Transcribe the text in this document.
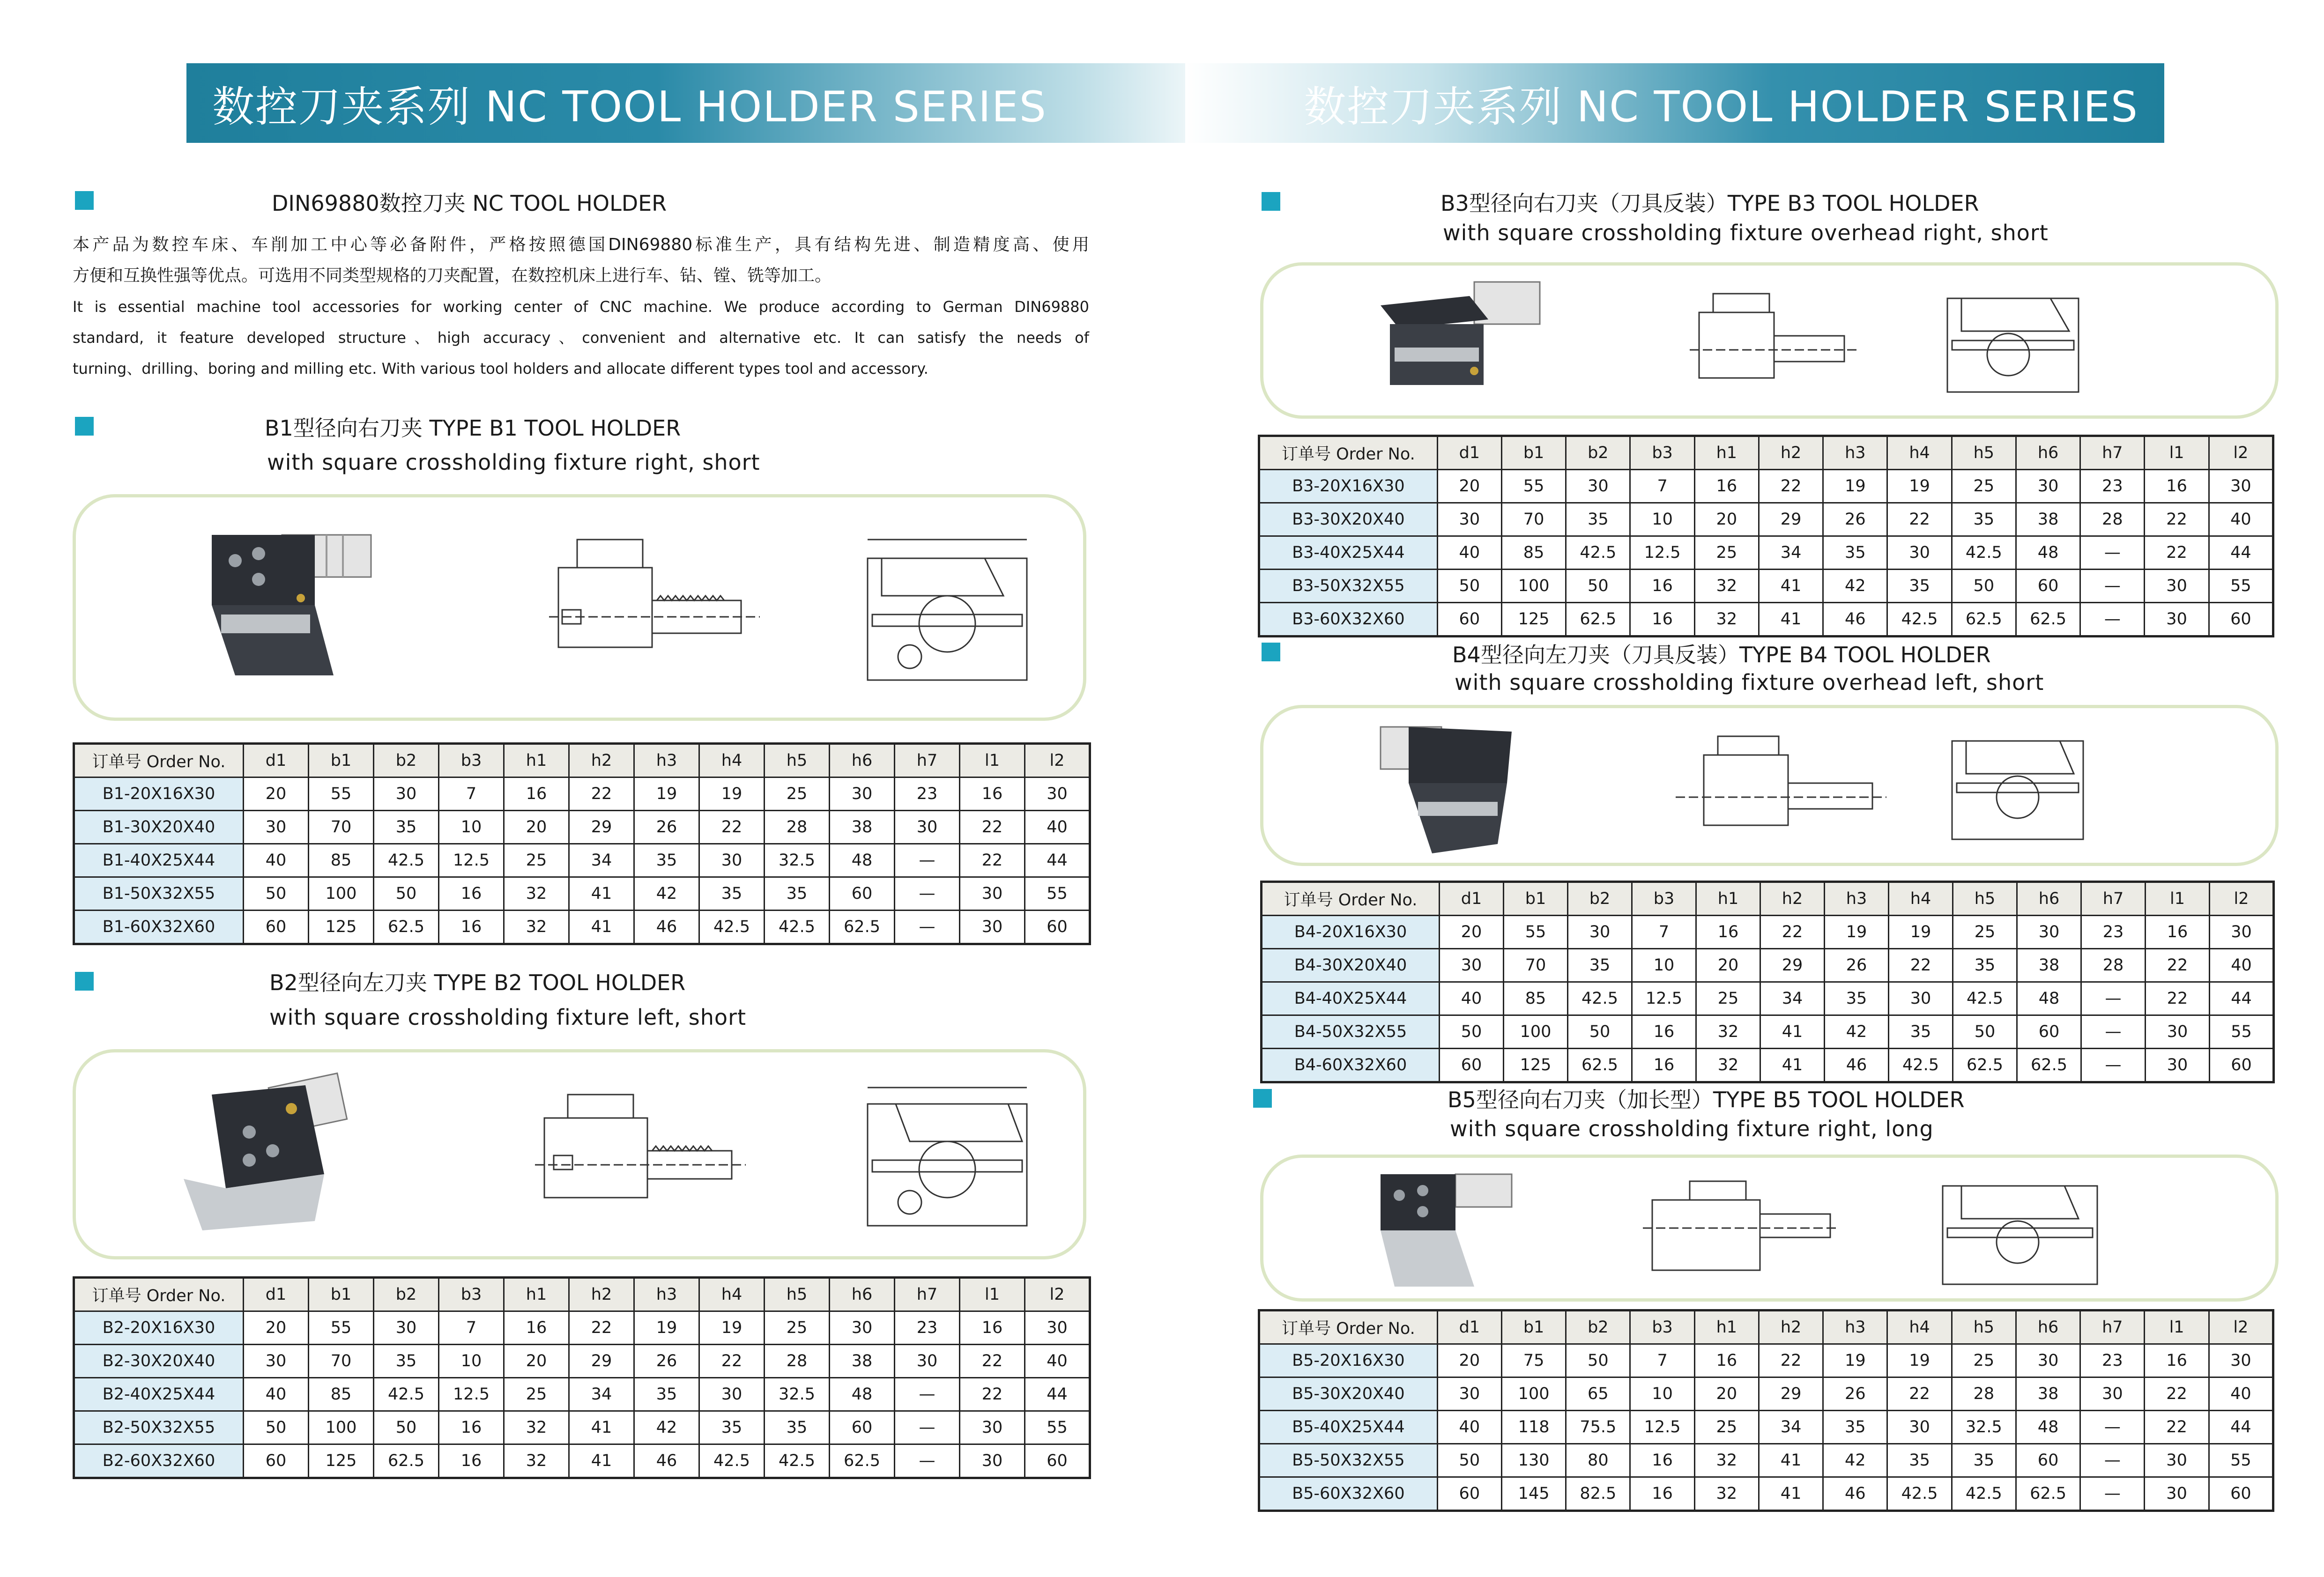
数控刀夹系列 NC TOOL HOLDER SERIES	数控刀夹系列 NC TOOL HOLDER SERIES
DIN69880数控刀夹 NC TOOL HOLDER
本产品为数控车床、车削加工中心等必备附件，严格按照德国DIN69880标准生产，具有结构先进、制造精度高、使用
方便和互换性强等优点。可选用不同类型规格的刀夹配置，在数控机床上进行车、钻、镗、铣等加工。
It is essential machine tool accessories for working center of CNC machine. We produce according to German DIN69880
standard, it feature developed structure、high accuracy、convenient and alternative etc. It can satisfy the needs of
turning、drilling、boring and milling etc. With various tool holders and allocate different types tool and accessory.
B1型径向右刀夹 TYPE B1 TOOL HOLDER
with square crossholding fixture right, short
订单号 Order No.	d1	b1	b2	b3	h1	h2	h3	h4	h5	h6	h7	l1	l2
B1-20X16X30	20	55	30	7	16	22	19	19	25	30	23	16	30
B1-30X20X40	30	70	35	10	20	29	26	22	28	38	30	22	40
B1-40X25X44	40	85	42.5	12.5	25	34	35	30	32.5	48	—	22	44
B1-50X32X55	50	100	50	16	32	41	42	35	35	60	—	30	55
B1-60X32X60	60	125	62.5	16	32	41	46	42.5	42.5	62.5	—	30	60
B2型径向左刀夹 TYPE B2 TOOL HOLDER
with square crossholding fixture left, short
订单号 Order No.	d1	b1	b2	b3	h1	h2	h3	h4	h5	h6	h7	l1	l2
B2-20X16X30	20	55	30	7	16	22	19	19	25	30	23	16	30
B2-30X20X40	30	70	35	10	20	29	26	22	28	38	30	22	40
B2-40X25X44	40	85	42.5	12.5	25	34	35	30	32.5	48	—	22	44
B2-50X32X55	50	100	50	16	32	41	42	35	35	60	—	30	55
B2-60X32X60	60	125	62.5	16	32	41	46	42.5	42.5	62.5	—	30	60
B3型径向右刀夹（刀具反装）TYPE B3 TOOL HOLDER
with square crossholding fixture overhead right, short
订单号 Order No.	d1	b1	b2	b3	h1	h2	h3	h4	h5	h6	h7	l1	l2
B3-20X16X30	20	55	30	7	16	22	19	19	25	30	23	16	30
B3-30X20X40	30	70	35	10	20	29	26	22	35	38	28	22	40
B3-40X25X44	40	85	42.5	12.5	25	34	35	30	42.5	48	—	22	44
B3-50X32X55	50	100	50	16	32	41	42	35	50	60	—	30	55
B3-60X32X60	60	125	62.5	16	32	41	46	42.5	62.5	62.5	—	30	60
B4型径向左刀夹（刀具反装）TYPE B4 TOOL HOLDER
with square crossholding fixture overhead left, short
订单号 Order No.	d1	b1	b2	b3	h1	h2	h3	h4	h5	h6	h7	l1	l2
B4-20X16X30	20	55	30	7	16	22	19	19	25	30	23	16	30
B4-30X20X40	30	70	35	10	20	29	26	22	35	38	28	22	40
B4-40X25X44	40	85	42.5	12.5	25	34	35	30	42.5	48	—	22	44
B4-50X32X55	50	100	50	16	32	41	42	35	50	60	—	30	55
B4-60X32X60	60	125	62.5	16	32	41	46	42.5	62.5	62.5	—	30	60
B5型径向右刀夹（加长型）TYPE B5 TOOL HOLDER
with square crossholding fixture right, long
订单号 Order No.	d1	b1	b2	b3	h1	h2	h3	h4	h5	h6	h7	l1	l2
B5-20X16X30	20	75	50	7	16	22	19	19	25	30	23	16	30
B5-30X20X40	30	100	65	10	20	29	26	22	28	38	30	22	40
B5-40X25X44	40	118	75.5	12.5	25	34	35	30	32.5	48	—	22	44
B5-50X32X55	50	130	80	16	32	41	42	35	35	60	—	30	55
B5-60X32X60	60	145	82.5	16	32	41	46	42.5	42.5	62.5	—	30	60
